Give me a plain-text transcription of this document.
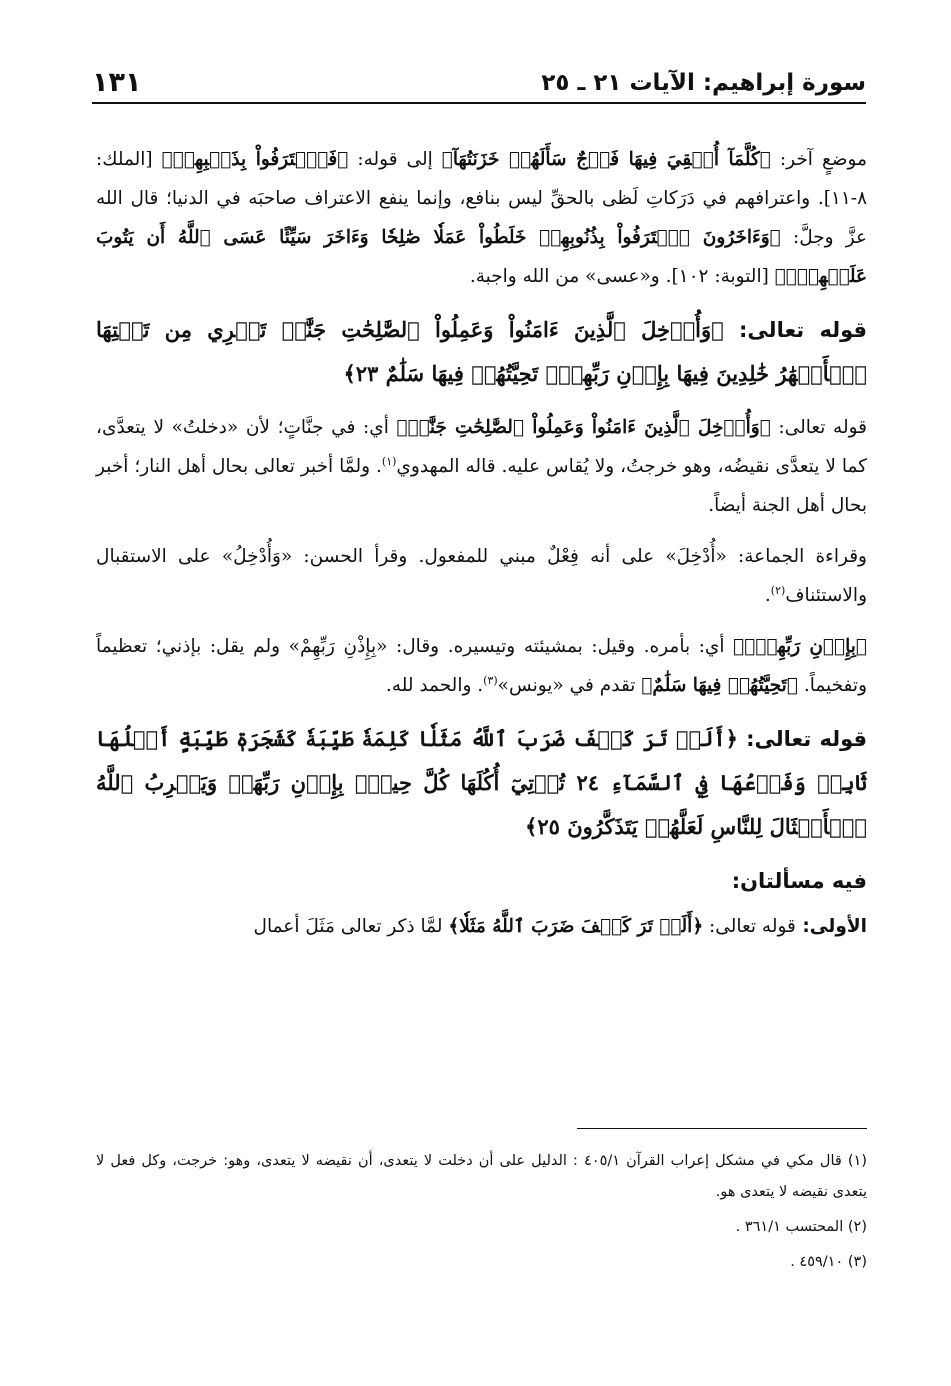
سورة إبراهيم: الآيات ٢١ ـ ٢٥
١٣١

موضعٍ آخر: ﴿كُلَّمَآ أُلۡقِيَ فِيهَا فَوۡجٌ سَأَلَهُمۡ خَزَنَتُهَآ﴾ إلى قوله: ﴿فَٱعۡتَرَفُواْ بِذَنۢبِهِمۡ﴾ [الملك: ٨-١١]. واعترافهم في دَرَكاتِ لَظى بالحقِّ ليس بنافع، وإنما ينفع الاعتراف صاحبَه في الدنيا؛ قال الله عزَّ وجلَّ: ﴿وَءَاخَرُونَ ٱعۡتَرَفُواْ بِذُنُوبِهِمۡ خَلَطُواْ عَمَلٗا صَٰلِحٗا وَءَاخَرَ سَيِّئًا عَسَى ٱللَّهُ أَن يَتُوبَ عَلَيۡهِمۡۚ﴾ [التوبة: ١٠٢]. و«عسى» من الله واجبة.

قوله تعالى: ﴿وَأُدۡخِلَ ٱلَّذِينَ ءَامَنُواْ وَعَمِلُواْ ٱلصَّٰلِحَٰتِ جَنَّٰتٖ تَجۡرِي مِن تَحۡتِهَا ٱلۡأَنۡهَٰرُ خَٰلِدِينَ فِيهَا بِإِذۡنِ رَبِّهِمۡۖ تَحِيَّتُهُمۡ فِيهَا سَلَٰمٌ ٢٣﴾

قوله تعالى: ﴿وَأُدۡخِلَ ٱلَّذِينَ ءَامَنُواْ وَعَمِلُواْ ٱلصَّٰلِحَٰتِ جَنَّٰتٖ﴾ أي: في جنَّاتٍ؛ لأن «دخلتُ» لا يتعدَّى، كما لا يتعدَّى نقيضُه، وهو خرجتُ، ولا يُقاس عليه. قاله المهدوي$^{(١)}$. ولمَّا أخبر تعالى بحال أهل النار؛ أخبر بحال أهل الجنة أيضاً.

وقراءة الجماعة: «أُدْخِلَ» على أنه فِعْلٌ مبني للمفعول. وقرأ الحسن: «وَأُدْخِلُ» على الاستقبال والاستئناف$^{(٢)}$.

﴿بِإِذۡنِ رَبِّهِمۡۖ﴾ أي: بأمره. وقيل: بمشيئته وتيسيره. وقال: «بِإِذْنِ رَبِّهِمْ» ولم يقل: بإذني؛ تعظيماً وتفخيماً. ﴿تَحِيَّتُهُمۡ فِيهَا سَلَٰمٌ﴾ تقدم في «يونس»$^{(٣)}$. والحمد لله.

قوله تعالى: ﴿أَلَمۡ تَرَ كَيۡفَ ضَرَبَ ٱللَّهُ مَثَلٗا كَلِمَةٗ طَيِّبَةٗ كَشَجَرَةٖ طَيِّبَةٍ أَصۡلُهَا ثَابِتٞ وَفَرۡعُهَا فِي ٱلسَّمَآءِ ٢٤ تُؤۡتِيٓ أُكُلَهَا كُلَّ حِينِۭ بِإِذۡنِ رَبِّهَاۗ وَيَضۡرِبُ ٱللَّهُ ٱلۡأَمۡثَالَ لِلنَّاسِ لَعَلَّهُمۡ يَتَذَكَّرُونَ ٢٥﴾

فيه مسألتان:

الأولى: قوله تعالى: ﴿أَلَمۡ تَرَ كَيۡفَ ضَرَبَ ٱللَّهُ مَثَلٗا﴾ لمَّا ذكر تعالى مَثَلَ أعمال

(١) قال مكي في مشكل إعراب القرآن ٤٠٥/١ : الدليل على أن دخلت لا يتعدى، أن نقيضه لا يتعدى، وهو: خرجت، وكل فعل لا يتعدى نقيضه لا يتعدى هو.

(٢) المحتسب ٣٦١/١ .

(٣) ٤٥٩/١٠ .
